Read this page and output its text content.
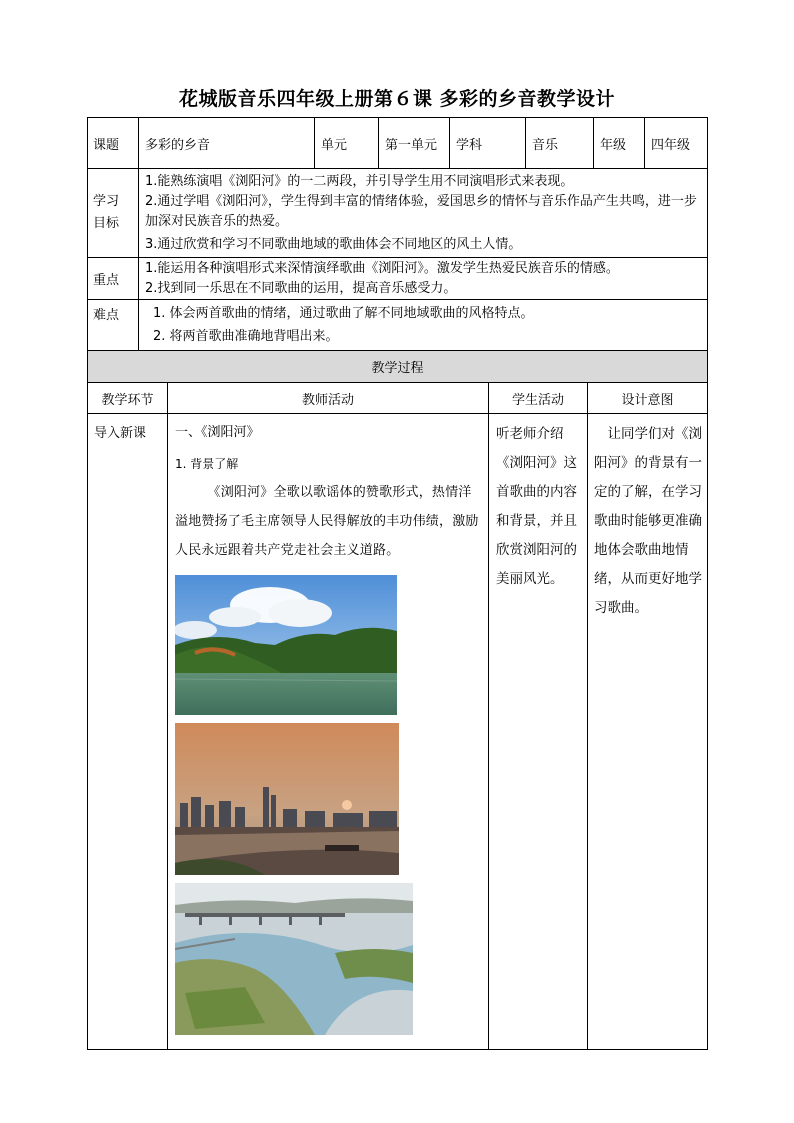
花城版音乐四年级上册第６课 多彩的乡音教学设计
课题	多彩的乡音	单元	第一单元	学科	音乐	年级	四年级

学习目标	1.能熟练演唱《浏阳河》的一二两段，并引导学生用不同演唱形式来表现。
2.通过学唱《浏阳河》，学生得到丰富的情绪体验，爱国思乡的情怀与音乐作品产生共鸣，进一步加深对民族音乐的热爱。
3.通过欣赏和学习不同歌曲地域的歌曲体会不同地区的风土人情。						

重点	1.能运用各种演唱形式来深情演绎歌曲《浏阳河》。激发学生热爱民族音乐的情感。
2.找到同一乐思在不同歌曲的运用，提高音乐感受力。						

难点	1. 体会两首歌曲的情绪，通过歌曲了解不同地域歌曲的风格特点。
2. 将两首歌曲准确地背唱出来。						
教学过程			
教学环节	教师活动	学生活动	设计意图
导入新课	一、《浏阳河》
1. 背景了解
《浏阳河》全歌以歌谣体的赞歌形式，热情洋溢地赞扬了毛主席领导人民得解放的丰功伟绩，激励人民永远跟着共产党走社会主义道路。	听老师介绍《浏阳河》这首歌曲的内容和背景，并且欣赏浏阳河的美丽风光。	让同学们对《浏阳河》的背景有一定的了解，在学习歌曲时能够更准确地体会歌曲地情绪，从而更好地学习歌曲。
